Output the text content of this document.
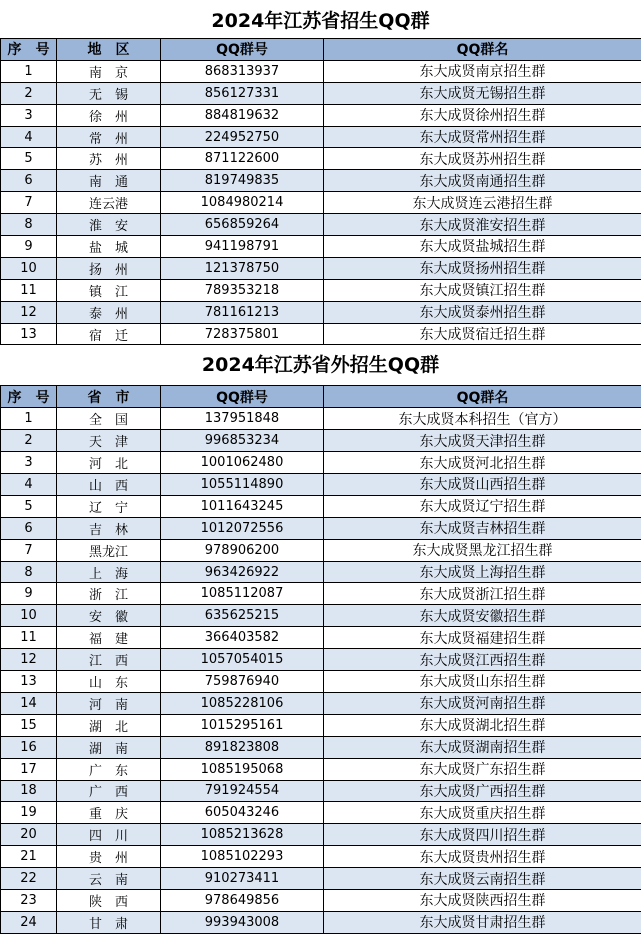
2024年江苏省招生QQ群
序　号	地　区	QQ群号	QQ群名
1	南　京	868313937	东大成贤南京招生群
2	无　锡	856127331	东大成贤无锡招生群
3	徐　州	884819632	东大成贤徐州招生群
4	常　州	224952750	东大成贤常州招生群
5	苏　州	871122600	东大成贤苏州招生群
6	南　通	819749835	东大成贤南通招生群
7	连云港	1084980214	东大成贤连云港招生群
8	淮　安	656859264	东大成贤淮安招生群
9	盐　城	941198791	东大成贤盐城招生群
10	扬　州	121378750	东大成贤扬州招生群
11	镇　江	789353218	东大成贤镇江招生群
12	泰　州	781161213	东大成贤泰州招生群
13	宿　迁	728375801	东大成贤宿迁招生群
2024年江苏省外招生QQ群
序　号	省　市	QQ群号	QQ群名
1	全　国	137951848	东大成贤本科招生（官方）
2	天　津	996853234	东大成贤天津招生群
3	河　北	1001062480	东大成贤河北招生群
4	山　西	1055114890	东大成贤山西招生群
5	辽　宁	1011643245	东大成贤辽宁招生群
6	吉　林	1012072556	东大成贤吉林招生群
7	黑龙江	978906200	东大成贤黑龙江招生群
8	上　海	963426922	东大成贤上海招生群
9	浙　江	1085112087	东大成贤浙江招生群
10	安　徽	635625215	东大成贤安徽招生群
11	福　建	366403582	东大成贤福建招生群
12	江　西	1057054015	东大成贤江西招生群
13	山　东	759876940	东大成贤山东招生群
14	河　南	1085228106	东大成贤河南招生群
15	湖　北	1015295161	东大成贤湖北招生群
16	湖　南	891823808	东大成贤湖南招生群
17	广　东	1085195068	东大成贤广东招生群
18	广　西	791924554	东大成贤广西招生群
19	重　庆	605043246	东大成贤重庆招生群
20	四　川	1085213628	东大成贤四川招生群
21	贵　州	1085102293	东大成贤贵州招生群
22	云　南	910273411	东大成贤云南招生群
23	陕　西	978649856	东大成贤陕西招生群
24	甘　肃	993943008	东大成贤甘肃招生群
